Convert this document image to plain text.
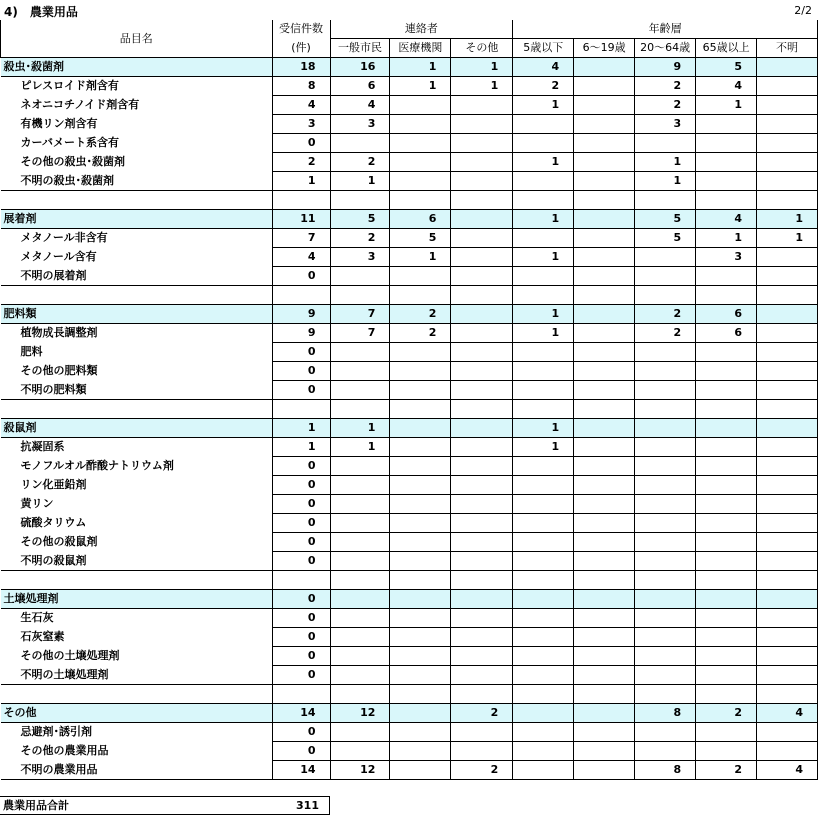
4)　農業用品	2/2
品目名	受信件数	連絡者			年齢層				
	(件)	一般市民	医療機関	その他	5歳以下	6～19歳	20～64歳	65歳以上	不明
殺虫･殺菌剤	18	16	1	1	4		9	5	
ピレスロイド剤含有	8	6	1	1	2		2	4	
ネオニコチノイド剤含有	4	4			1		2	1	
有機リン剤含有	3	3					3		
カーバメート系含有	0								
その他の殺虫･殺菌剤	2	2			1		1		
不明の殺虫･殺菌剤	1	1					1		

展着剤	11	5	6		1		5	4	1
メタノール非含有	7	2	5				5	1	1
メタノール含有	4	3	1		1			3	
不明の展着剤	0								

肥料類	9	7	2		1		2	6	
植物成長調整剤	9	7	2		1		2	6	
肥料	0								
その他の肥料類	0								
不明の肥料類	0								

殺鼠剤	1	1			1				
抗凝固系	1	1			1				
モノフルオル酢酸ナトリウム剤	0								
リン化亜鉛剤	0								
黄リン	0								
硫酸タリウム	0								
その他の殺鼠剤	0								
不明の殺鼠剤	0								

土壌処理剤	0								
生石灰	0								
石灰窒素	0								
その他の土壌処理剤	0								
不明の土壌処理剤	0								

その他	14	12		2			8	2	4
忌避剤･誘引剤	0								
その他の農業用品	0								
不明の農業用品	14	12		2			8	2	4
農業用品合計	311
